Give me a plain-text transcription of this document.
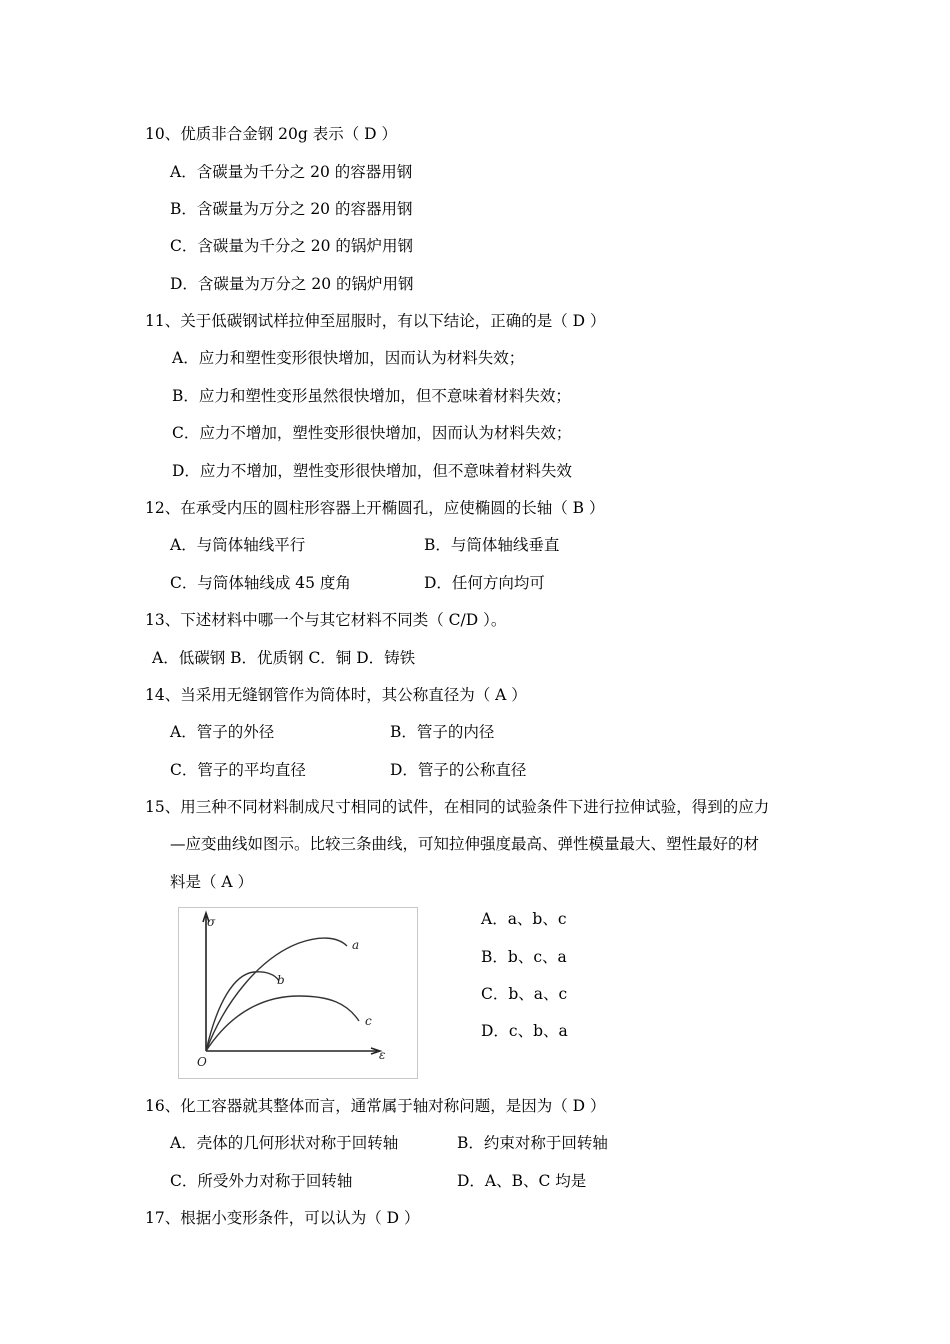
10、优质非合金钢 20g 表示（ D ）
A．含碳量为千分之 20 的容器用钢
B．含碳量为万分之 20 的容器用钢
C．含碳量为千分之 20 的锅炉用钢
D．含碳量为万分之 20 的锅炉用钢
11、关于低碳钢试样拉伸至屈服时，有以下结论，正确的是（ D ）
A．应力和塑性变形很快增加，因而认为材料失效；
B．应力和塑性变形虽然很快增加，但不意味着材料失效；
C．应力不增加，塑性变形很快增加，因而认为材料失效；
D．应力不增加，塑性变形很快增加，但不意味着材料失效
12、在承受内压的圆柱形容器上开椭圆孔，应使椭圆的长轴（ B ）
A．与筒体轴线平行	B．与筒体轴线垂直
C．与筒体轴线成 45 度角	D．任何方向均可
13、下述材料中哪一个与其它材料不同类（ C/D ）。
A．低碳钢 B．优质钢 C．铜 D．铸铁
14、当采用无缝钢管作为筒体时，其公称直径为（ A ）
A．管子的外径	B．管子的内径
C．管子的平均直径	D．管子的公称直径
15、用三种不同材料制成尺寸相同的试件，在相同的试验条件下进行拉伸试验，得到的应力
—应变曲线如图示。比较三条曲线，可知拉伸强度最高、弹性模量最大、塑性最好的材
料是（ A ）
σ
ε
O
a
b
c
A．a、b、c
B．b、c、a
C．b、a、c
D．c、b、a
16、化工容器就其整体而言，通常属于轴对称问题，是因为（ D ）
A．壳体的几何形状对称于回转轴	B．约束对称于回转轴
C．所受外力对称于回转轴	D．A、B、C 均是
17、根据小变形条件，可以认为（ D ）
